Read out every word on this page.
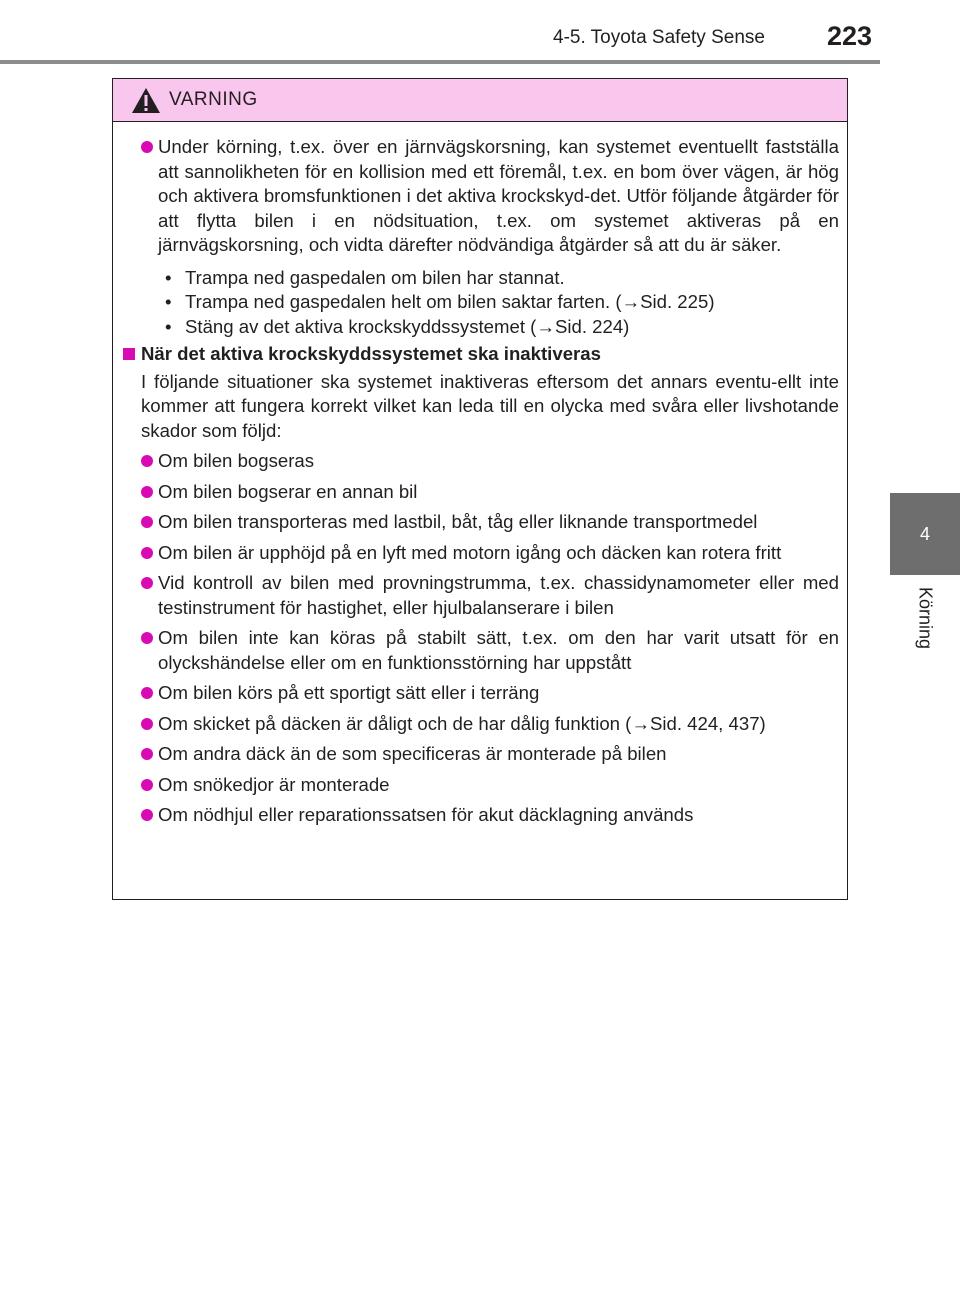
4-5. Toyota Safety Sense 223
4
Körning
VARNING
Under körning, t.ex. över en järnvägskorsning, kan systemet eventuellt fastställa att sannolikheten för en kollision med ett föremål, t.ex. en bom över vägen, är hög och aktivera bromsfunktionen i det aktiva krockskyd-det. Utför följande åtgärder för att flytta bilen i en nödsituation, t.ex. om systemet aktiveras på en järnvägskorsning, och vidta därefter nödvändiga åtgärder så att du är säker.
• Trampa ned gaspedalen om bilen har stannat.
• Trampa ned gaspedalen helt om bilen saktar farten. (→Sid. 225)
• Stäng av det aktiva krockskyddssystemet (→Sid. 224)
När det aktiva krockskyddssystemet ska inaktiveras
I följande situationer ska systemet inaktiveras eftersom det annars eventu-ellt inte kommer att fungera korrekt vilket kan leda till en olycka med svåra eller livshotande skador som följd:
Om bilen bogseras
Om bilen bogserar en annan bil
Om bilen transporteras med lastbil, båt, tåg eller liknande transportmedel
Om bilen är upphöjd på en lyft med motorn igång och däcken kan rotera fritt
Vid kontroll av bilen med provningstrumma, t.ex. chassidynamometer eller med testinstrument för hastighet, eller hjulbalanserare i bilen
Om bilen inte kan köras på stabilt sätt, t.ex. om den har varit utsatt för en olyckshändelse eller om en funktionsstörning har uppstått
Om bilen körs på ett sportigt sätt eller i terräng
Om skicket på däcken är dåligt och de har dålig funktion (→Sid. 424, 437)
Om andra däck än de som specificeras är monterade på bilen
Om snökedjor är monterade
Om nödhjul eller reparationssatsen för akut däcklagning används
